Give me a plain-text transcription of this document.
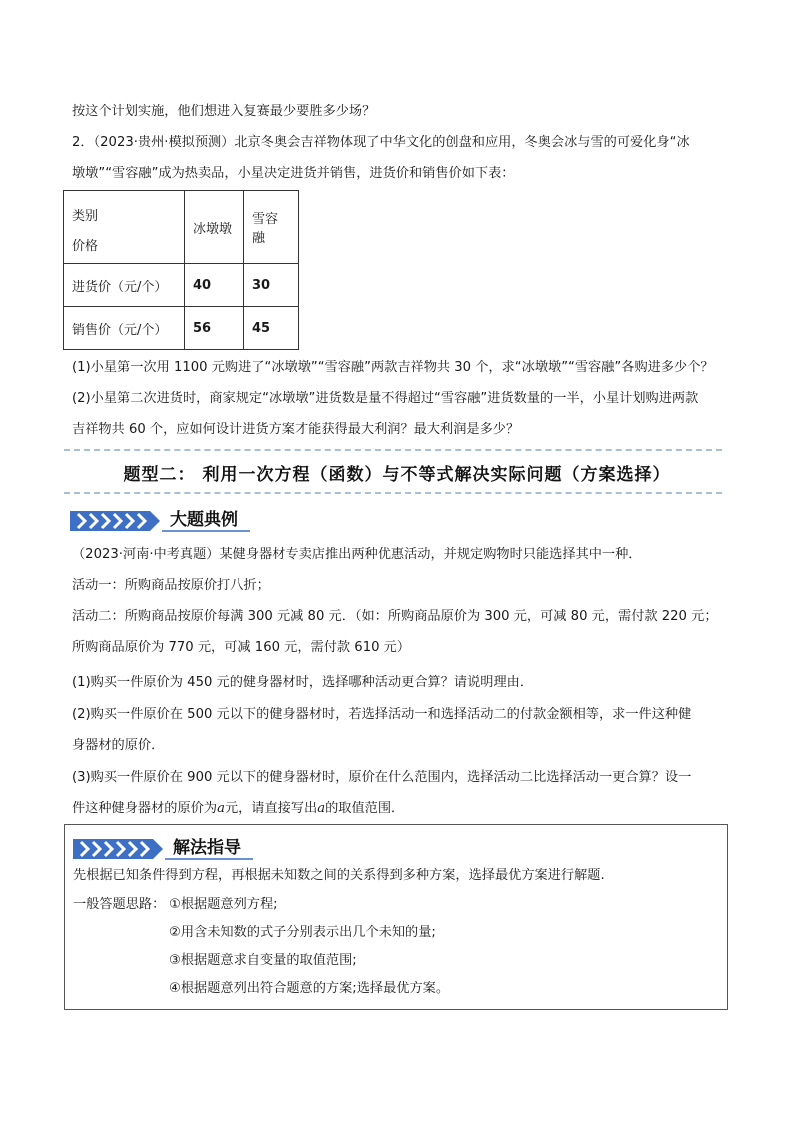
按这个计划实施，他们想进入复赛最少要胜多少场？
2．（2023·贵州·模拟预测）北京冬奥会吉祥物体现了中华文化的创盘和应用，冬奥会冰与雪的可爱化身“冰
墩墩”“雪容融”成为热卖品，小星决定进货并销售，进货价和销售价如下表：
类别
价格	冰墩墩	雪容融
进货价（元/个）	40	30
销售价（元/个）	56	45
(1)小星第一次用 1100 元购进了“冰墩墩”“雪容融”两款吉祥物共 30 个，求“冰墩墩”“雪容融”各购进多少个？
(2)小星第二次进货时，商家规定“冰墩墩”进货数是量不得超过“雪容融”进货数量的一半，小星计划购进两款
吉祥物共 60 个，应如何设计进货方案才能获得最大利润？最大利润是多少？
题型二： 利用一次方程（函数）与不等式解决实际问题（方案选择）
大题典例
（2023·河南·中考真题）某健身器材专卖店推出两种优惠活动，并规定购物时只能选择其中一种．
活动一：所购商品按原价打八折；
活动二：所购商品按原价每满 300 元减 80 元．（如：所购商品原价为 300 元，可减 80 元，需付款 220 元；
所购商品原价为 770 元，可减 160 元，需付款 610 元）
(1)购买一件原价为 450 元的健身器材时，选择哪种活动更合算？请说明理由．
(2)购买一件原价在 500 元以下的健身器材时，若选择活动一和选择活动二的付款金额相等，求一件这种健
身器材的原价．
(3)购买一件原价在 900 元以下的健身器材时，原价在什么范围内，选择活动二比选择活动一更合算？设一
件这种健身器材的原价为a元，请直接写出a的取值范围．
解法指导
先根据已知条件得到方程，再根据未知数之间的关系得到多种方案，选择最优方案进行解题.
一般答题思路： ①根据题意列方程;
②用含未知数的式子分别表示出几个未知的量;
③根据题意求自变量的取值范围;
④根据题意列出符合题意的方案;选择最优方案。
